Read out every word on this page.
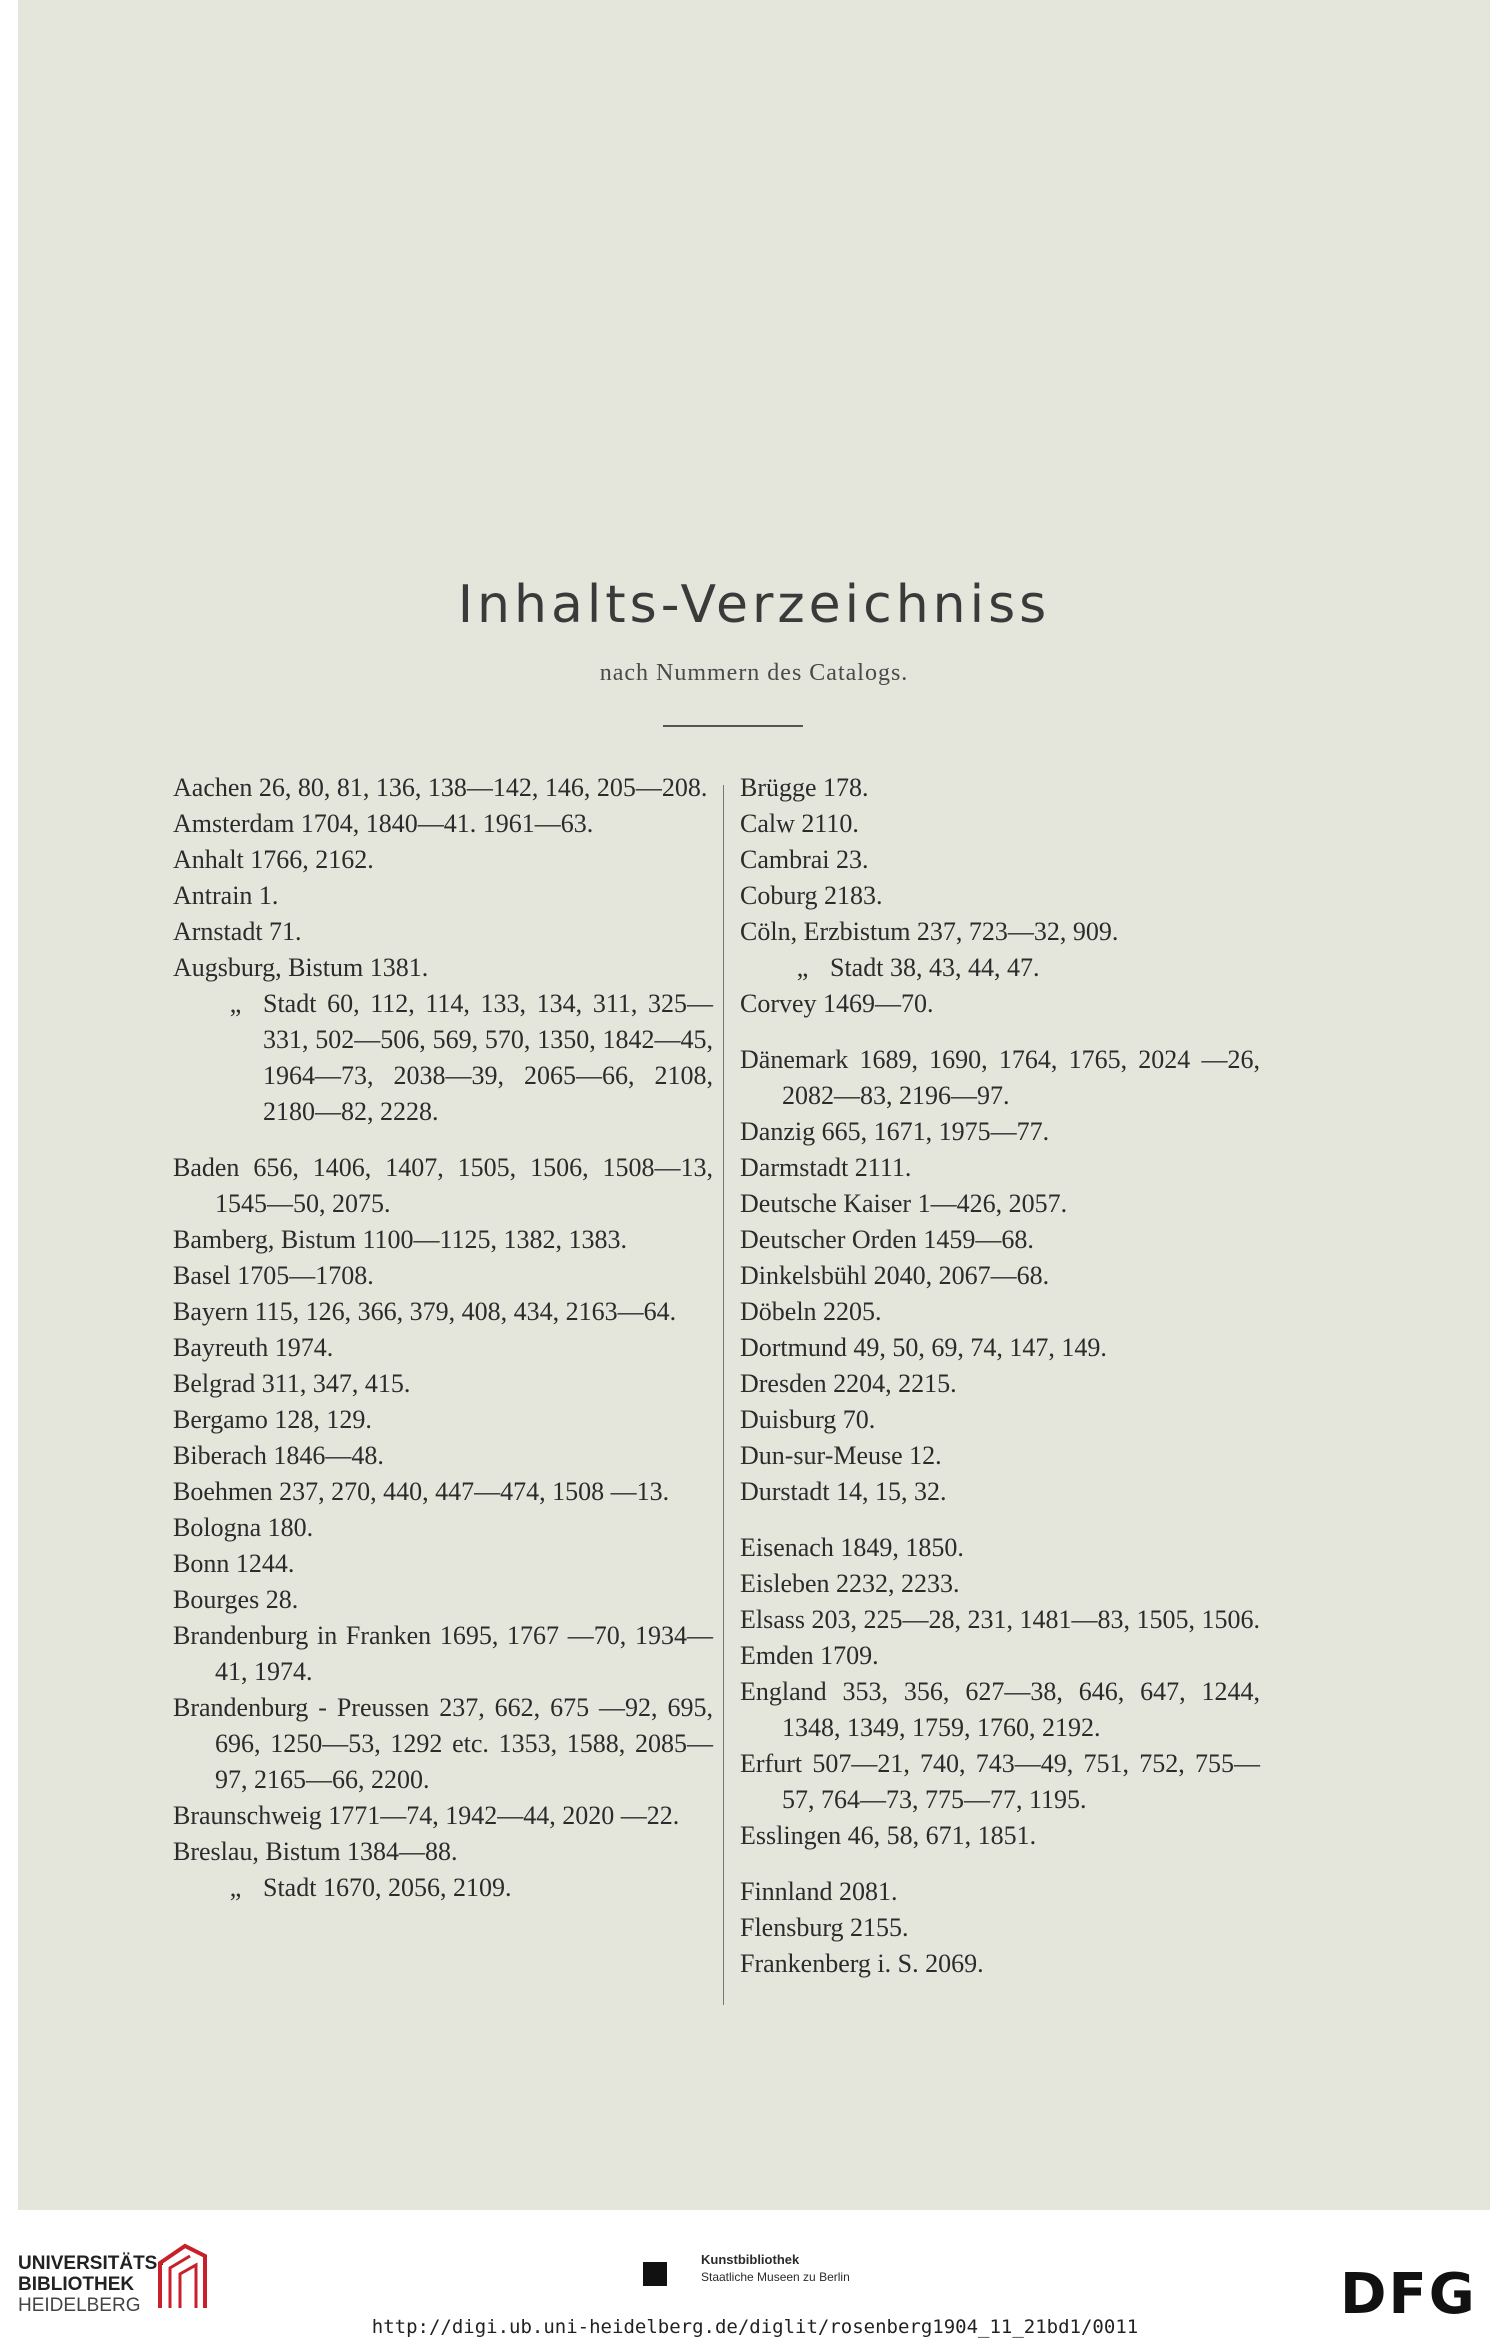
Inhalts-Verzeichniss
nach Nummern des Catalogs.
Aachen 26, 80, 81, 136, 138—142, 146, 205—208.
Amsterdam 1704, 1840—41. 1961—63.
Anhalt 1766, 2162.
Antrain 1.
Arnstadt 71.
Augsburg, Bistum 1381.
„ Stadt 60, 112, 114, 133, 134, 311, 325—331, 502—506, 569, 570, 1350, 1842—45, 1964—73, 2038—39, 2065—66, 2108, 2180—82, 2228.
Baden 656, 1406, 1407, 1505, 1506, 1508—13, 1545—50, 2075.
Bamberg, Bistum 1100—1125, 1382, 1383.
Basel 1705—1708.
Bayern 115, 126, 366, 379, 408, 434, 2163—64.
Bayreuth 1974.
Belgrad 311, 347, 415.
Bergamo 128, 129.
Biberach 1846—48.
Boehmen 237, 270, 440, 447—474, 1508 —13.
Bologna 180.
Bonn 1244.
Bourges 28.
Brandenburg in Franken 1695, 1767 —70, 1934—41, 1974.
Brandenburg - Preussen 237, 662, 675 —92, 695, 696, 1250—53, 1292 etc. 1353, 1588, 2085—97, 2165—66, 2200.
Braunschweig 1771—74, 1942—44, 2020 —22.
Breslau, Bistum 1384—88.
„ Stadt 1670, 2056, 2109.
Brügge 178.
Calw 2110.
Cambrai 23.
Coburg 2183.
Cöln, Erzbistum 237, 723—32, 909.
„ Stadt 38, 43, 44, 47.
Corvey 1469—70.
Dänemark 1689, 1690, 1764, 1765, 2024 —26, 2082—83, 2196—97.
Danzig 665, 1671, 1975—77.
Darmstadt 2111.
Deutsche Kaiser 1—426, 2057.
Deutscher Orden 1459—68.
Dinkelsbühl 2040, 2067—68.
Döbeln 2205.
Dortmund 49, 50, 69, 74, 147, 149.
Dresden 2204, 2215.
Duisburg 70.
Dun-sur-Meuse 12.
Durstadt 14, 15, 32.
Eisenach 1849, 1850.
Eisleben 2232, 2233.
Elsass 203, 225—28, 231, 1481—83, 1505, 1506.
Emden 1709.
England 353, 356, 627—38, 646, 647, 1244, 1348, 1349, 1759, 1760, 2192.
Erfurt 507—21, 740, 743—49, 751, 752, 755—57, 764—73, 775—77, 1195.
Esslingen 46, 58, 671, 1851.
Finnland 2081.
Flensburg 2155.
Frankenberg i. S. 2069.
UNIVERSITÄTS-
BIBLIOTHEK
HEIDELBERG
Kunstbibliothek
Staatliche Museen zu Berlin	DFG
http://digi.ub.uni-heidelberg.de/diglit/rosenberg1904_11_21bd1/0011
